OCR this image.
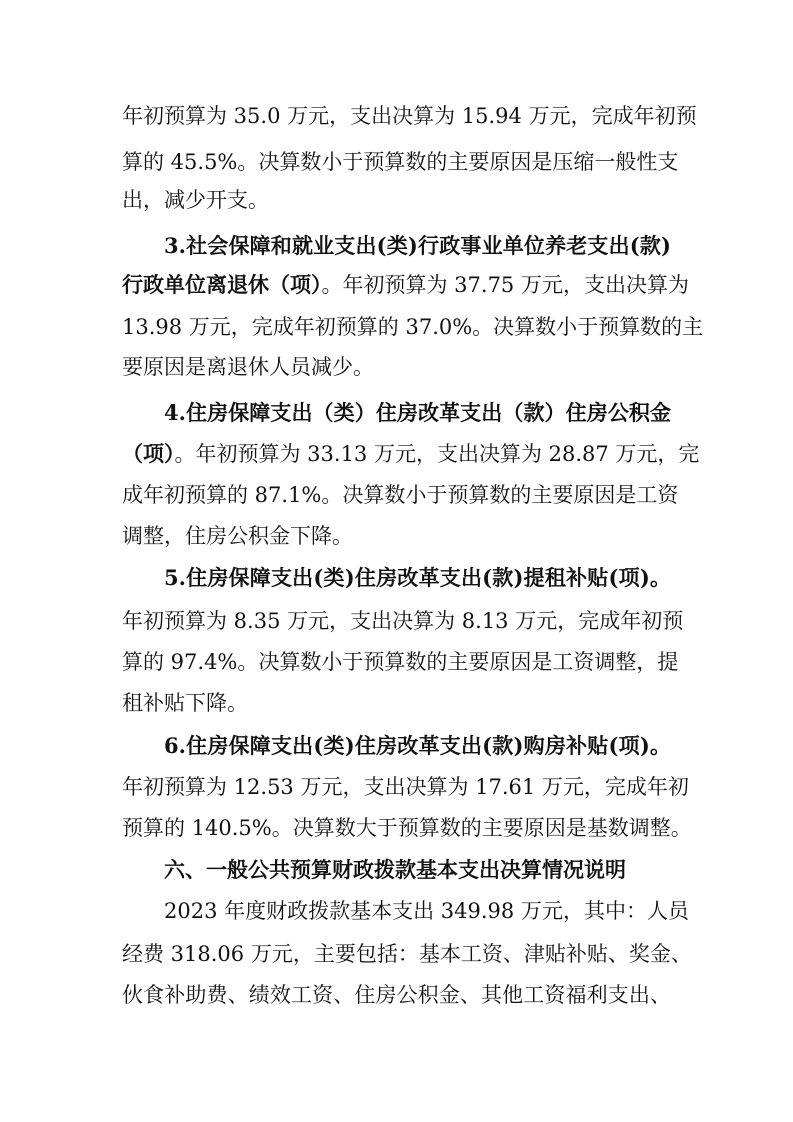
年初预算为 35.0 万元，支出决算为 15.94 万元，完成年初预
算的 45.5%。决算数小于预算数的主要原因是压缩一般性支
出，减少开支。
3.社会保障和就业支出(类)行政事业单位养老支出(款)
行政单位离退休（项）。年初预算为 37.75 万元，支出决算为
13.98 万元，完成年初预算的 37.0%。决算数小于预算数的主
要原因是离退休人员减少。
4.住房保障支出（类）住房改革支出（款）住房公积金
（项）。年初预算为 33.13 万元，支出决算为 28.87 万元，完
成年初预算的 87.1%。决算数小于预算数的主要原因是工资
调整，住房公积金下降。
5.住房保障支出(类)住房改革支出(款)提租补贴(项)。
年初预算为 8.35 万元，支出决算为 8.13 万元，完成年初预
算的 97.4%。决算数小于预算数的主要原因是工资调整，提
租补贴下降。
6.住房保障支出(类)住房改革支出(款)购房补贴(项)。
年初预算为 12.53 万元，支出决算为 17.61 万元，完成年初
预算的 140.5%。决算数大于预算数的主要原因是基数调整。
六、一般公共预算财政拨款基本支出决算情况说明
2023 年度财政拨款基本支出 349.98 万元，其中：人员
经费 318.06 万元，主要包括：基本工资、津贴补贴、奖金、
伙食补助费、绩效工资、住房公积金、其他工资福利支出、
